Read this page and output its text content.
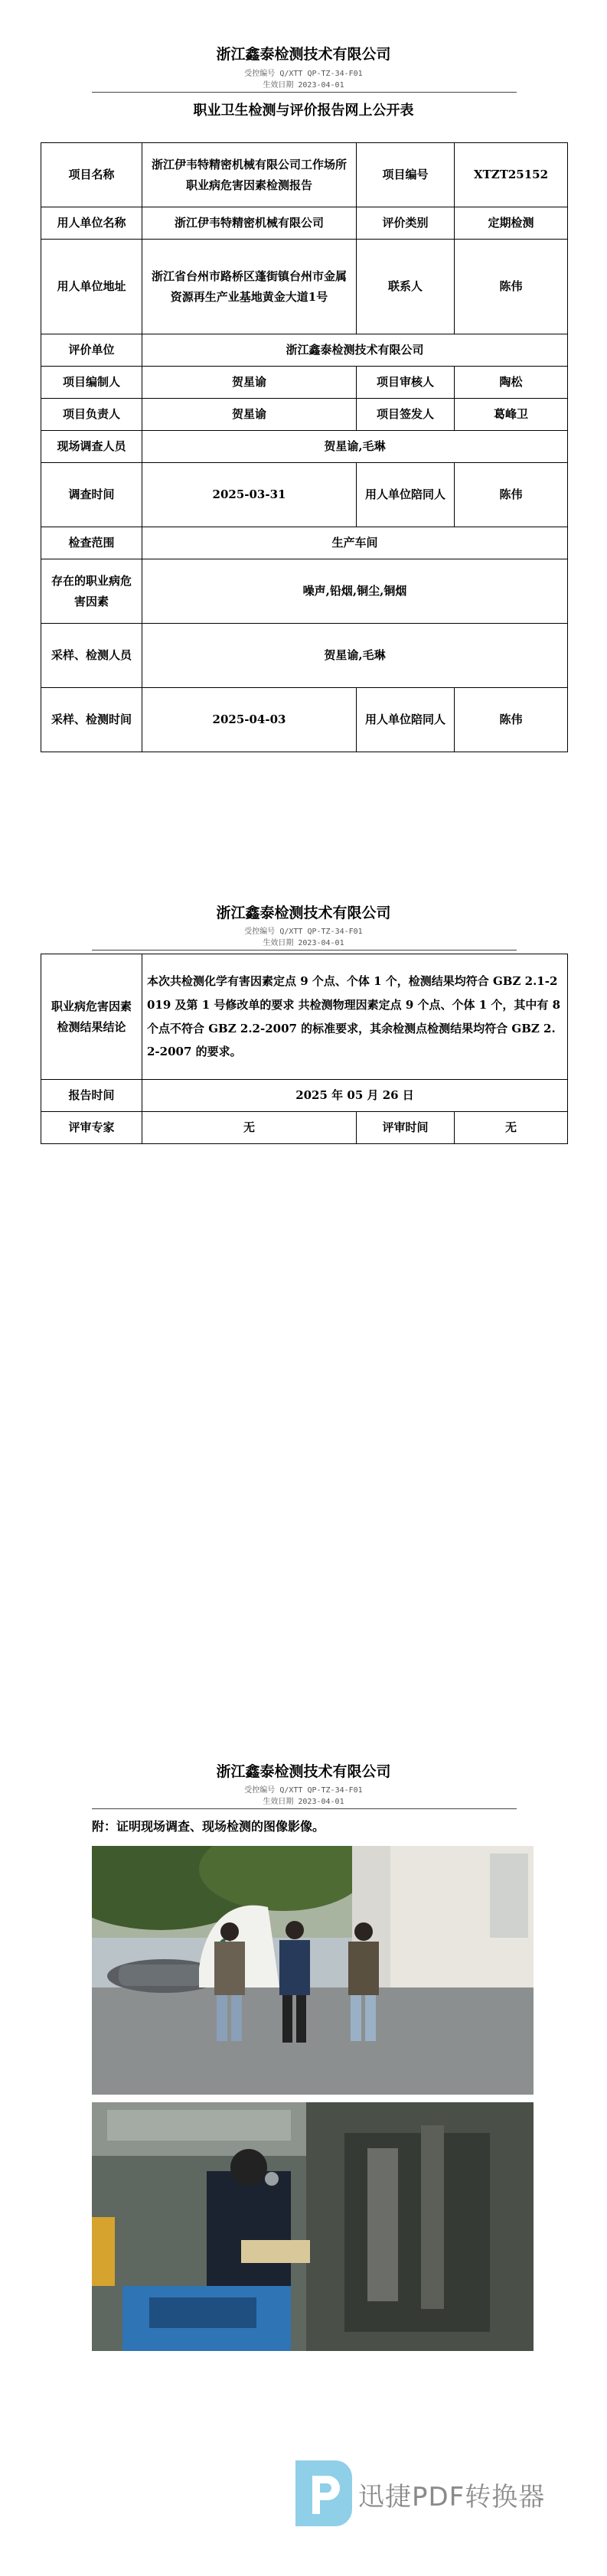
浙江鑫泰检测技术有限公司
受控编号 Q/XTT QP-TZ-34-F01
生效日期 2023-04-01
职业卫生检测与评价报告网上公开表
项目名称	浙江伊韦特精密机械有限公司工作场所职业病危害因素检测报告	项目编号	XTZT25152
用人单位名称	浙江伊韦特精密机械有限公司	评价类别	定期检测
用人单位地址	浙江省台州市路桥区蓬街镇台州市金属资源再生产业基地黄金大道1号	联系人	陈伟
评价单位	浙江鑫泰检测技术有限公司		
项目编制人	贺星谕	项目审核人	陶松
项目负责人	贺星谕	项目签发人	葛峰卫
现场调查人员	贺星谕,毛琳		
调查时间	2025-03-31	用人单位陪同人	陈伟
检查范围	生产车间		
存在的职业病危害因素	噪声,铅烟,铜尘,铜烟		
采样、检测人员	贺星谕,毛琳		
采样、检测时间	2025-04-03	用人单位陪同人	陈伟
浙江鑫泰检测技术有限公司
受控编号 Q/XTT QP-TZ-34-F01
生效日期 2023-04-01
职业病危害因素检测结果结论	本次共检测化学有害因素定点 9 个点、个体 1 个，检测结果均符合 GBZ 2.1-2019 及第 1 号修改单的要求 共检测物理因素定点 9 个点、个体 1 个，其中有 8 个点不符合 GBZ 2.2-2007 的标准要求，其余检测点检测结果均符合 GBZ 2.2-2007 的要求。		
报告时间	2025 年 05 月 26 日		
评审专家	无	评审时间	无
浙江鑫泰检测技术有限公司
受控编号 Q/XTT QP-TZ-34-F01
生效日期 2023-04-01
附：证明现场调查、现场检测的图像影像。
迅捷PDF转换器
